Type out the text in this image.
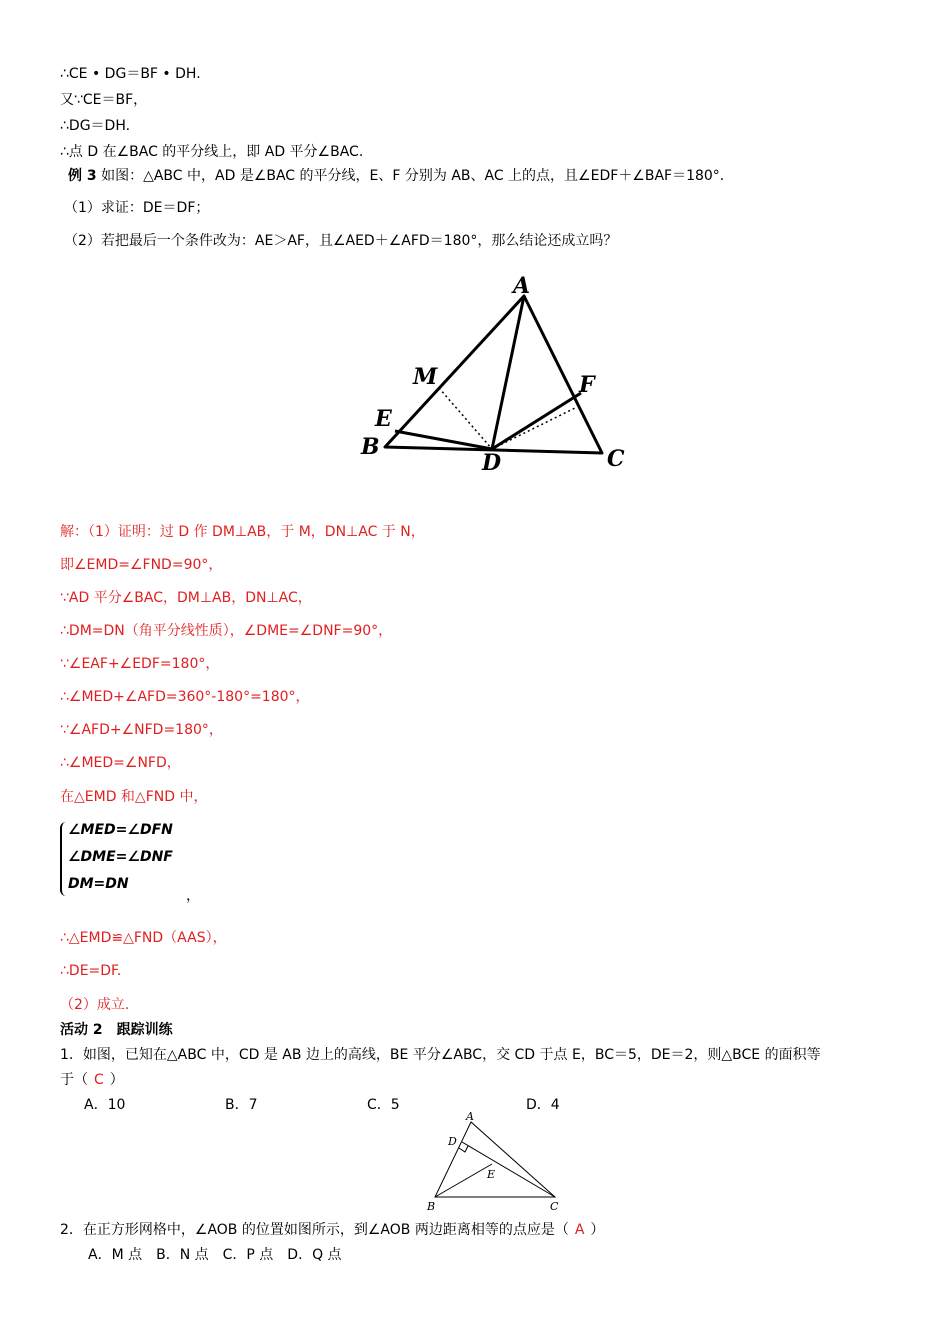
∴CE • DG＝BF • DH.
又∵CE＝BF，
∴DG＝DH.
∴点 D 在∠BAC 的平分线上，即 AD 平分∠BAC.
例 3 如图：△ABC 中，AD 是∠BAC 的平分线，E、F 分别为 AB、AC 上的点，且∠EDF＋∠BAF＝180°．
（1）求证：DE＝DF；
（2）若把最后一个条件改为：AE＞AF，且∠AED＋∠AFD＝180°，那么结论还成立吗？
A
M	F
E
B
D	C
解：（1）证明：过 D 作 DM⊥AB，于 M，DN⊥AC 于 N，
即∠EMD=∠FND=90°，
∵AD 平分∠BAC，DM⊥AB，DN⊥AC，
∴DM=DN（角平分线性质），∠DME=∠DNF=90°，
∵∠EAF+∠EDF=180°，
∴∠MED+∠AFD=360°-180°=180°，
∵∠AFD+∠NFD=180°，
∴∠MED=∠NFD，
在△EMD 和△FND 中，
∠MED=∠DFN
∠DME=∠DNF
DM=DN
，
∴△EMD≌△FND（AAS），
∴DE=DF.
（2）成立.
活动 2　跟踪训练
1．如图，已知在△ABC 中，CD 是 AB 边上的高线，BE 平分∠ABC，交 CD 于点 E，BC＝5，DE＝2，则△BCE 的面积等
于（ C ）
A．10	B．7	C．5	D．4
A
D
E
B	C
2．在正方形网格中，∠AOB 的位置如图所示，到∠AOB 两边距离相等的点应是（ A ）
A．M 点　B．N 点　C．P 点　D．Q 点
